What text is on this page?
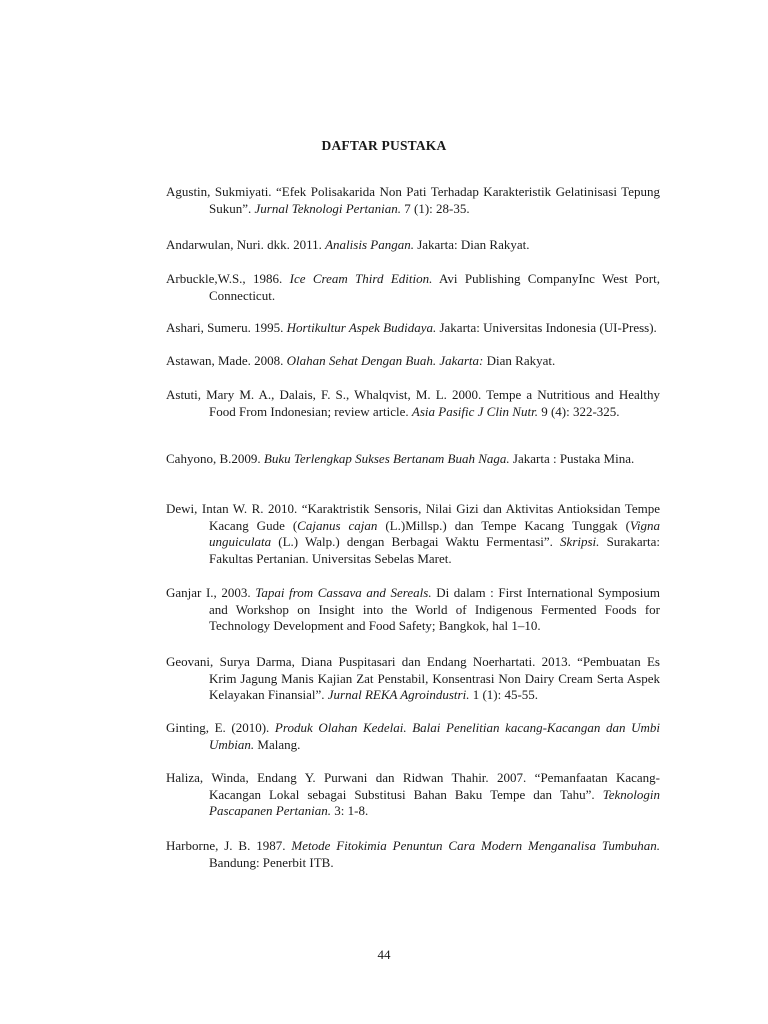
DAFTAR PUSTAKA
Agustin, Sukmiyati. “Efek Polisakarida Non Pati Terhadap Karakteristik Gelatinisasi Tepung Sukun”. Jurnal Teknologi Pertanian. 7 (1): 28-35.
Andarwulan, Nuri. dkk. 2011. Analisis Pangan. Jakarta: Dian Rakyat.
Arbuckle,W.S., 1986. Ice Cream Third Edition. Avi Publishing CompanyInc West Port, Connecticut.
Ashari, Sumeru. 1995. Hortikultur Aspek Budidaya. Jakarta: Universitas Indonesia (UI-Press).
Astawan, Made. 2008. Olahan Sehat Dengan Buah. Jakarta: Dian Rakyat.
Astuti, Mary M. A., Dalais, F. S., Whalqvist, M. L. 2000. Tempe a Nutritious and Healthy Food From Indonesian; review article. Asia Pasific J Clin Nutr. 9 (4): 322-325.
Cahyono, B.2009. Buku Terlengkap Sukses Bertanam Buah Naga. Jakarta : Pustaka Mina.
Dewi, Intan W. R. 2010. “Karaktristik Sensoris, Nilai Gizi dan Aktivitas Antioksidan Tempe Kacang Gude (Cajanus cajan (L.)Millsp.) dan Tempe Kacang Tunggak (Vigna unguiculata (L.) Walp.) dengan Berbagai Waktu Fermentasi”. Skripsi. Surakarta: Fakultas Pertanian. Universitas Sebelas Maret.
Ganjar I., 2003. Tapai from Cassava and Sereals. Di dalam : First International Symposium and Workshop on Insight into the World of Indigenous Fermented Foods for Technology Development and Food Safety; Bangkok, hal 1–10.
Geovani, Surya Darma, Diana Puspitasari dan Endang Noerhartati. 2013. “Pembuatan Es Krim Jagung Manis Kajian Zat Penstabil, Konsentrasi Non Dairy Cream Serta Aspek Kelayakan Finansial”. Jurnal REKA Agroindustri. 1 (1): 45-55.
Ginting, E. (2010). Produk Olahan Kedelai. Balai Penelitian kacang-Kacangan dan Umbi Umbian. Malang.
Haliza, Winda, Endang Y. Purwani dan Ridwan Thahir. 2007. “Pemanfaatan Kacang-Kacangan Lokal sebagai Substitusi Bahan Baku Tempe dan Tahu”. Teknologin Pascapanen Pertanian. 3: 1-8.
Harborne, J. B. 1987. Metode Fitokimia Penuntun Cara Modern Menganalisa Tumbuhan. Bandung: Penerbit ITB.
44
